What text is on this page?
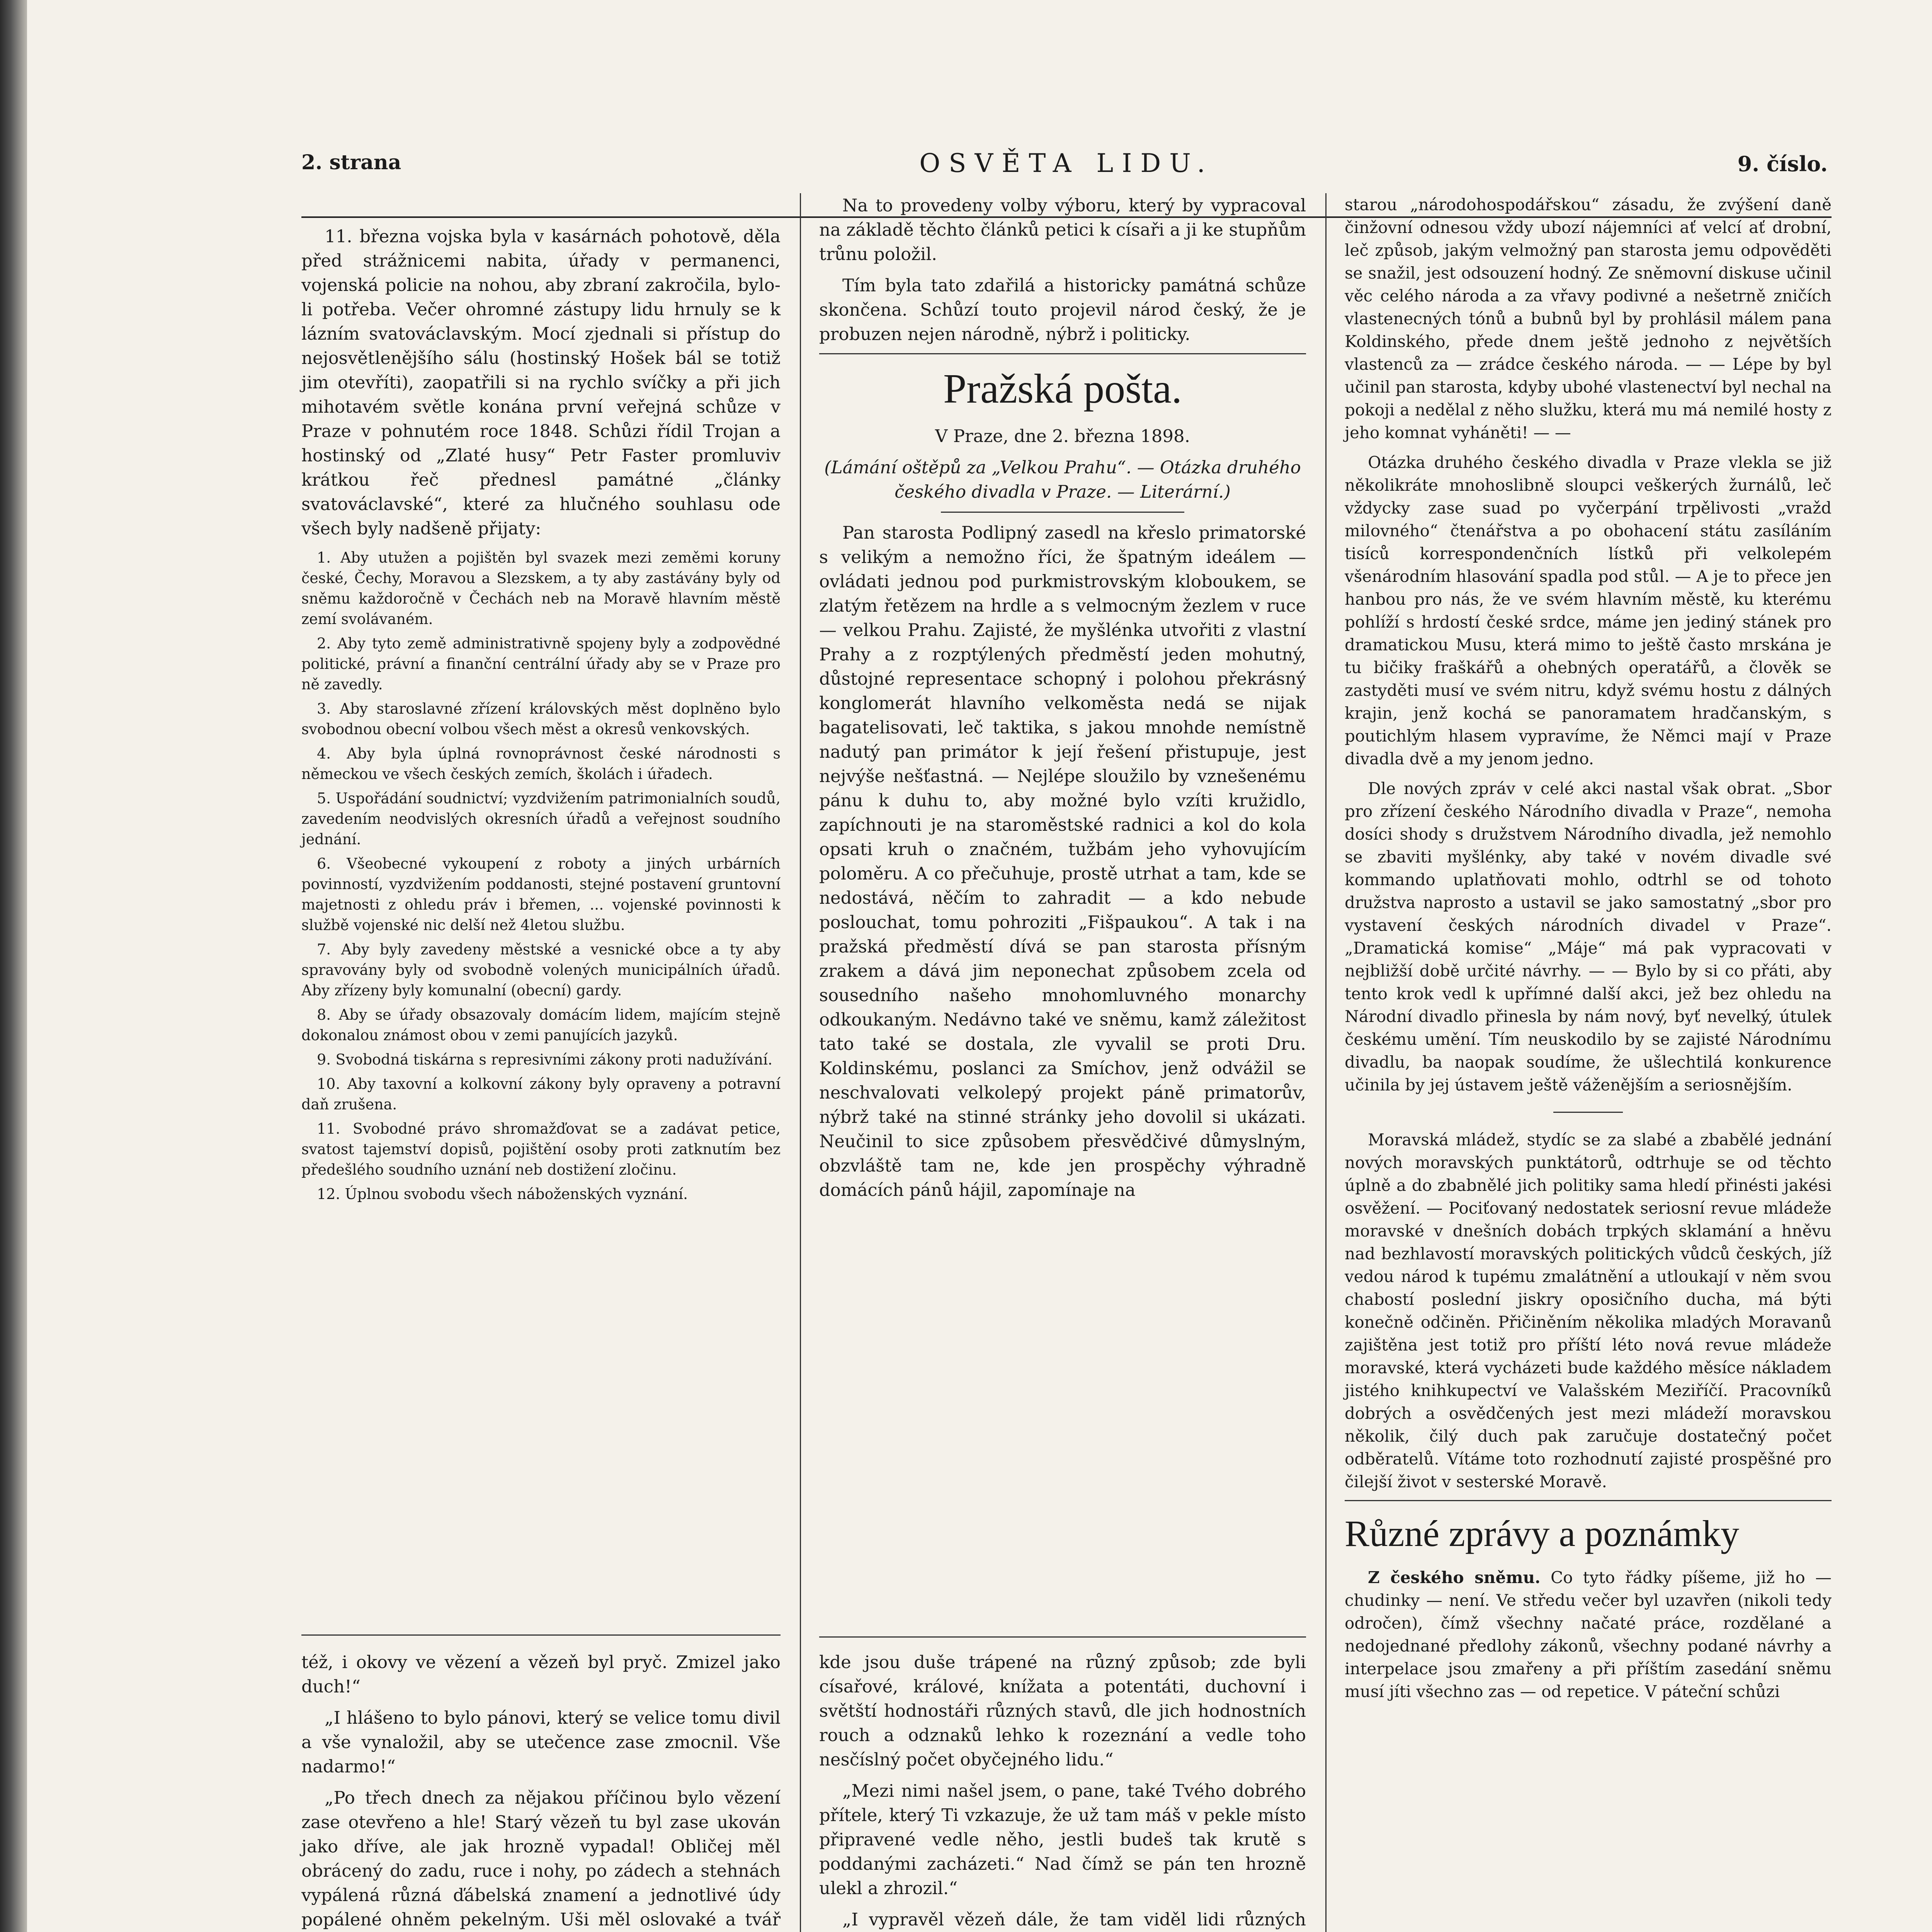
2. strana	OSVĚTA LIDU.	9. číslo.

11. března vojska byla v kasárnách pohotově, děla před strážnicemi nabita, úřady v permanenci, vojenská policie na nohou, aby zbraní zakročila, bylo-li potřeba. Večer ohromné zástupy lidu hrnuly se k lázním svatováclavským. Mocí zjednali si přístup do nejosvětlenějšího sálu (hostinský Hošek bál se totiž jim otevříti), zaopatřili si na rychlo svíčky a při jich mihotavém světle konána první veřejná schůze v Praze v pohnutém roce 1848. Schůzi řídil Trojan a hostinský od „Zlaté husy“ Petr Faster promluviv krátkou řeč přednesl památné „články svatováclavské“, které za hlučného souhlasu ode všech byly nadšeně přijaty:

1. Aby utužen a pojištěn byl svazek mezi zeměmi koruny české, Čechy, Moravou a Slezskem, a ty aby zastávány byly od sněmu každoročně v Čechách neb na Moravě hlavním městě zemí svolávaném.

2. Aby tyto země administrativně spojeny byly a zodpovědné politické, právní a finanční centrální úřady aby se v Praze pro ně zavedly.

3. Aby staroslavné zřízení královských měst doplněno bylo svobodnou obecní volbou všech měst a okresů venkovských.

4. Aby byla úplná rovnoprávnost české národnosti s německou ve všech českých zemích, školách i úřadech.

5. Uspořádání soudnictví; vyzdvižením patrimonialních soudů, zavedením neodvislých okresních úřadů a veřejnost soudního jednání.

6. Všeobecné vykoupení z roboty a jiných urbárních povinností, vyzdvižením poddanosti, stejné postavení gruntovní majetnosti z ohledu práv i břemen, ... vojenské povinnosti k službě vojenské nic delší než 4letou službu.

7. Aby byly zavedeny městské a vesnické obce a ty aby spravovány byly od svobodně volených municipálních úřadů. Aby zřízeny byly komunalní (obecní) gardy.

8. Aby se úřady obsazovaly domácím lidem, majícím stejně dokonalou známost obou v zemi panujících jazyků.

9. Svobodná tiskárna s represivními zákony proti nadužívání.

10. Aby taxovní a kolkovní zákony byly opraveny a potravní daň zrušena.

11. Svobodné právo shromažďovat se a zadávat petice, svatost tajemství dopisů, pojištění osoby proti zatknutím bez předešlého soudního uznání neb dostižení zločinu.

12. Úplnou svobodu všech náboženských vyznání.

též, i okovy ve vězení a vězeň byl pryč. Zmizel jako duch!“

„I hlášeno to bylo pánovi, který se velice tomu divil a vše vynaložil, aby se utečence zase zmocnil. Vše nadarmo!“

„Po třech dnech za nějakou příčinou bylo vězení zase otevřeno a hle! Starý vězeň tu byl zase ukován jako dříve, ale jak hrozně vypadal! Obličej měl obrácený do zadu, ruce i nohy, po zádech a stehnách vypálená různá ďábelská znamení a jednotlivé údy popálené ohněm pekelným. Uši měl oslovaké a tvář

Na to provedeny volby výboru, který by vypracoval na základě těchto článků petici k císaři a ji ke stupňům trůnu položil.

Tím byla tato zdařilá a historicky památná schůze skončena. Schůzí touto projevil národ český, že je probuzen nejen národně, nýbrž i politicky.

Pražská pošta.

V Praze, dne 2. března 1898.

(Lámání oštěpů za „Velkou Prahu“. — Otázka druhého českého divadla v Praze. — Literární.)

Pan starosta Podlipný zasedl na křeslo primatorské s velikým a nemožno říci, že špatným ideálem — ovládati jednou pod purkmistrovským kloboukem, se zlatým řetězem na hrdle a s velmocným žezlem v ruce — velkou Prahu. Zajisté, že myšlénka utvořiti z vlastní Prahy a z rozptýlených předměstí jeden mohutný, důstojné representace schopný i polohou překrásný konglomerát hlavního velkoměsta nedá se nijak bagatelisovati, leč taktika, s jakou mnohde nemístně nadutý pan primátor k její řešení přistupuje, jest nejvýše nešťastná. — Nejlépe sloužilo by vznešenému pánu k duhu to, aby možné bylo vzíti kružidlo, zapíchnouti je na staroměstské radnici a kol do kola opsati kruh o značném, tužbám jeho vyhovujícím poloměru. A co přečuhuje, prostě utrhat a tam, kde se nedostává, něčím to zahradit — a kdo nebude poslouchat, tomu pohroziti „Fišpaukou“. A tak i na pražská předměstí dívá se pan starosta přísným zrakem a dává jim neponechat způsobem zcela od sousedního našeho mnohomluvného monarchy odkoukaným. Nedávno také ve sněmu, kamž záležitost tato také se dostala, zle vyvalil se proti Dru. Koldinskému, poslanci za Smíchov, jenž odvážil se neschvalovati velkolepý projekt páně primatorův, nýbrž také na stinné stránky jeho dovolil si ukázati. Neučinil to sice způsobem přesvědčivé důmyslným, obzvláště tam ne, kde jen prospěchy výhradně domácích pánů hájil, zapomínaje na

kde jsou duše trápené na různý způsob; zde byli císařové, králové, knížata a potentáti, duchovní i světští hodnostáři různých stavů, dle jich hodnostních rouch a odznaků lehko k rozeznání a vedle toho nesčíslný počet obyčejného lidu.“

„Mezi nimi našel jsem, o pane, také Tvého dobrého přítele, který Ti vzkazuje, že už tam máš v pekle místo připravené vedle něho, jestli budeš tak krutě s poddanými zacházeti.“ Nad čímž se pán ten hrozně ulekl a zhrozil.“

„I vypravěl vězeň dále, že tam viděl lidi různých

starou „národohospodářskou“ zásadu, že zvýšení daně činžovní odnesou vždy ubozí nájemníci ať velcí ať drobní, leč způsob, jakým velmožný pan starosta jemu odpověděti se snažil, jest odsouzení hodný. Ze sněmovní diskuse učinil věc celého národa a za vřavy podivné a nešetrně zničích vlastenecných tónů a bubnů byl by prohlásil málem pana Koldinského, přede dnem ještě jednoho z největších vlastenců za — zrádce českého národa. — — Lépe by byl učinil pan starosta, kdyby ubohé vlastenectví byl nechal na pokoji a nedělal z něho služku, která mu má nemilé hosty z jeho komnat vyháněti! — —

Otázka druhého českého divadla v Praze vlekla se již několikráte mnohoslibně sloupci veškerých žurnálů, leč vždycky zase suad po vyčerpání trpělivosti „vražd milovného“ čtenářstva a po obohacení státu zasíláním tisíců korrespondenčních lístků při velkolepém všenárodním hlasování spadla pod stůl. — A je to přece jen hanbou pro nás, že ve svém hlavním městě, ku kterému pohlíží s hrdostí české srdce, máme jen jediný stánek pro dramatickou Musu, která mimo to ještě často mrskána je tu bičiky fraškářů a ohebných operatářů, a člověk se zastyděti musí ve svém nitru, když svému hostu z dálných krajin, jenž kochá se panoramatem hradčanským, s poutichlým hlasem vypravíme, že Němci mají v Praze divadla dvě a my jenom jedno.

Dle nových zpráv v celé akci nastal však obrat. „Sbor pro zřízení českého Národního divadla v Praze“, nemoha dosíci shody s družstvem Národního divadla, jež nemohlo se zbaviti myšlénky, aby také v novém divadle své kommando uplatňovati mohlo, odtrhl se od tohoto družstva naprosto a ustavil se jako samostatný „sbor pro vystavení českých národních divadel v Praze“. „Dramatická komise“ „Máje“ má pak vypracovati v nejbližší době určité návrhy. — — Bylo by si co přáti, aby tento krok vedl k upřímné další akci, jež bez ohledu na Národní divadlo přinesla by nám nový, byť nevelký, útulek českému umění. Tím neuskodilo by se zajisté Národnímu divadlu, ba naopak soudíme, že ušlechtilá konkurence učinila by jej ústavem ještě váženějším a seriosnějším.

Moravská mládež, stydíc se za slabé a zbabělé jednání nových moravských punktátorů, odtrhuje se od těchto úplně a do zbabnělé jich politiky sama hledí přinésti jakési osvěžení. — Pociťovaný nedostatek seriosní revue mládeže moravské v dnešních dobách trpkých sklamání a hněvu nad bezhlavostí moravských politických vůdců českých, jíž vedou národ k tupému zmalátnění a utloukají v něm svou chabostí poslední jiskry oposičního ducha, má býti konečně odčiněn. Přičiněním několika mladých Moravanů zajištěna jest totiž pro příští léto nová revue mládeže moravské, která vycházeti bude každého měsíce nákladem jistého knihkupectví ve Valašském Meziříčí. Pracovníků dobrých a osvědčených jest mezi mládeží moravskou několik, čilý duch pak zaručuje dostatečný počet odběratelů. Vítáme toto rozhodnutí zajisté prospěšné pro čilejší život v sesterské Moravě.

Různé zprávy a poznámky

Z českého sněmu. Co tyto řádky píšeme, již ho — chudinky — není. Ve středu večer byl uzavřen (nikoli tedy odročen), čímž všechny načaté práce, rozdělané a nedojednané předlohy zákonů, všechny podané návrhy a interpelace jsou zmařeny a při příštím zasedání sněmu musí jíti všechno zas — od repetice. V páteční schůzi
